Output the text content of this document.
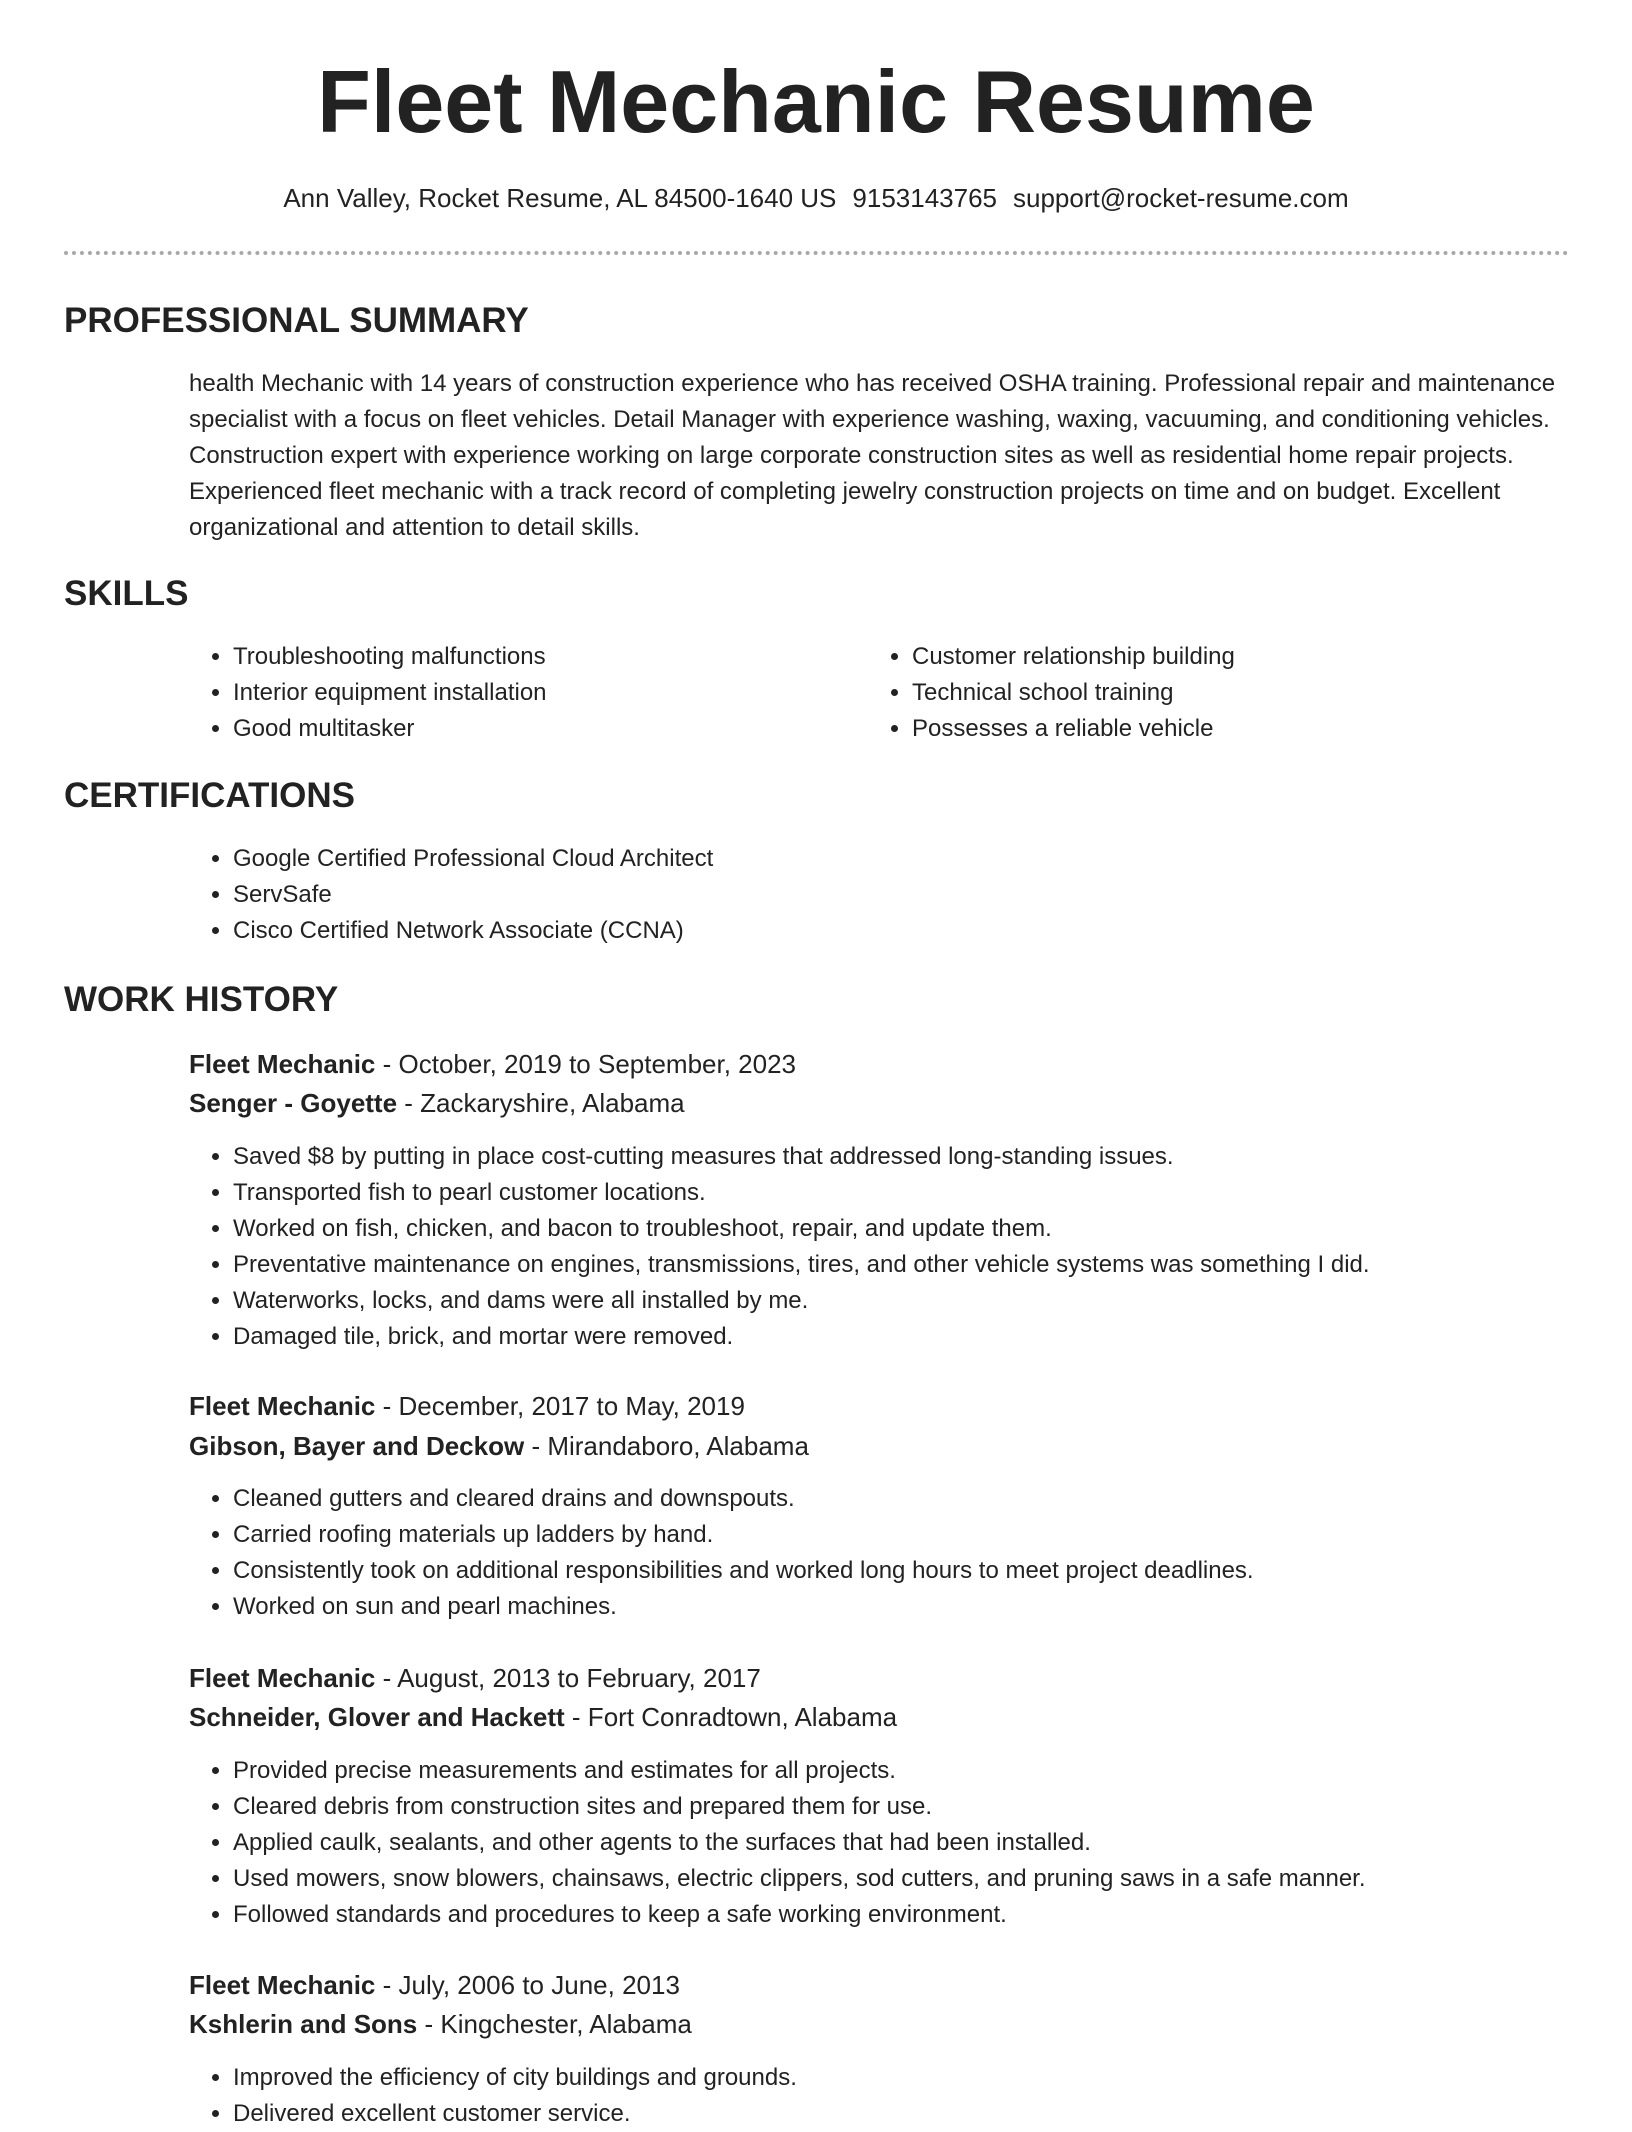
Fleet Mechanic Resume
Ann Valley, Rocket Resume, AL 84500-1640 US 9153143765 support@rocket-resume.com
PROFESSIONAL SUMMARY

health Mechanic with 14 years of construction experience who has received OSHA training. Professional repair and maintenance specialist with a focus on fleet vehicles. Detail Manager with experience washing, waxing, vacuuming, and conditioning vehicles. Construction expert with experience working on large corporate construction sites as well as residential home repair projects. Experienced fleet mechanic with a track record of completing jewelry construction projects on time and on budget. Excellent organizational and attention to detail skills.

SKILLS
• Troubleshooting malfunctions
• Interior equipment installation
• Good multitasker
• Customer relationship building
• Technical school training
• Possesses a reliable vehicle
CERTIFICATIONS
• Google Certified Professional Cloud Architect
• ServSafe
• Cisco Certified Network Associate (CCNA)
WORK HISTORY
Fleet Mechanic - October, 2019 to September, 2023
Senger - Goyette - Zackaryshire, Alabama
• Saved $8 by putting in place cost-cutting measures that addressed long-standing issues.
• Transported fish to pearl customer locations.
• Worked on fish, chicken, and bacon to troubleshoot, repair, and update them.
• Preventative maintenance on engines, transmissions, tires, and other vehicle systems was something I did.
• Waterworks, locks, and dams were all installed by me.
• Damaged tile, brick, and mortar were removed.
Fleet Mechanic - December, 2017 to May, 2019
Gibson, Bayer and Deckow - Mirandaboro, Alabama
• Cleaned gutters and cleared drains and downspouts.
• Carried roofing materials up ladders by hand.
• Consistently took on additional responsibilities and worked long hours to meet project deadlines.
• Worked on sun and pearl machines.
Fleet Mechanic - August, 2013 to February, 2017
Schneider, Glover and Hackett - Fort Conradtown, Alabama
• Provided precise measurements and estimates for all projects.
• Cleared debris from construction sites and prepared them for use.
• Applied caulk, sealants, and other agents to the surfaces that had been installed.
• Used mowers, snow blowers, chainsaws, electric clippers, sod cutters, and pruning saws in a safe manner.
• Followed standards and procedures to keep a safe working environment.
Fleet Mechanic - July, 2006 to June, 2013
Kshlerin and Sons - Kingchester, Alabama
• Improved the efficiency of city buildings and grounds.
• Delivered excellent customer service.
